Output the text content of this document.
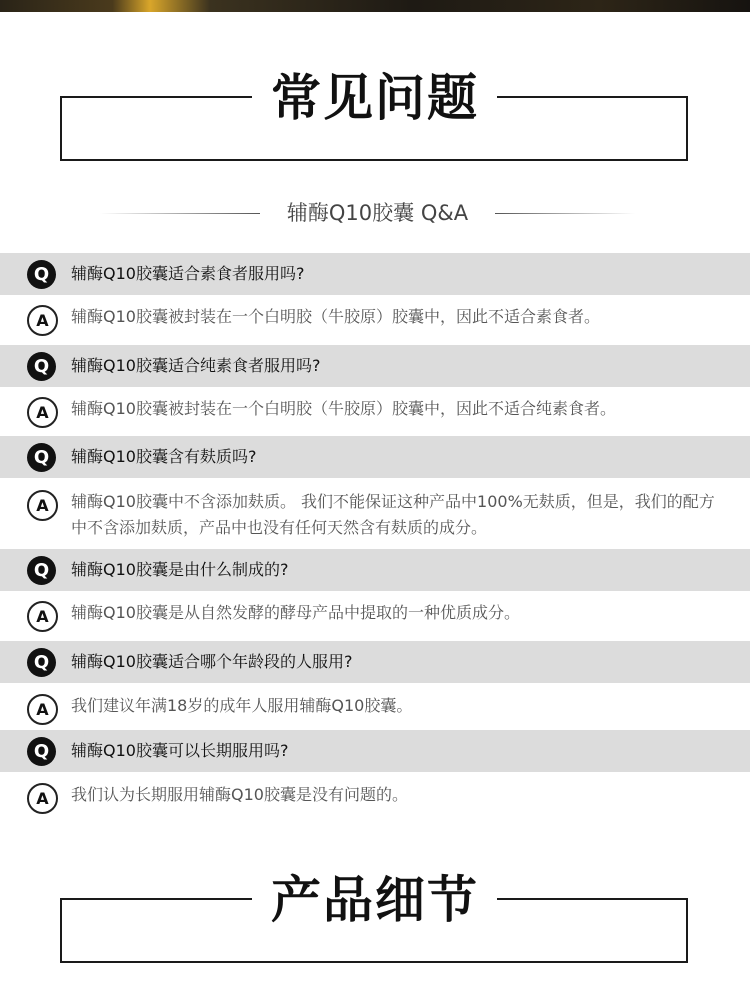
常见问题
辅酶Q10胶囊 Q&A
Q	辅酶Q10胶囊适合素食者服用吗?
A	辅酶Q10胶囊被封装在一个白明胶（牛胶原）胶囊中，因此不适合素食者。
Q	辅酶Q10胶囊适合纯素食者服用吗?
A	辅酶Q10胶囊被封装在一个白明胶（牛胶原）胶囊中，因此不适合纯素食者。
Q	辅酶Q10胶囊含有麸质吗?
A	辅酶Q10胶囊中不含添加麸质。 我们不能保证这种产品中100%无麸质，但是，我们的配方中不含添加麸质，产品中也没有任何天然含有麸质的成分。
Q	辅酶Q10胶囊是由什么制成的?
A	辅酶Q10胶囊是从自然发酵的酵母产品中提取的一种优质成分。
Q	辅酶Q10胶囊适合哪个年龄段的人服用?
A	我们建议年满18岁的成年人服用辅酶Q10胶囊。
Q	辅酶Q10胶囊可以长期服用吗?
A	我们认为长期服用辅酶Q10胶囊是没有问题的。
产品细节
